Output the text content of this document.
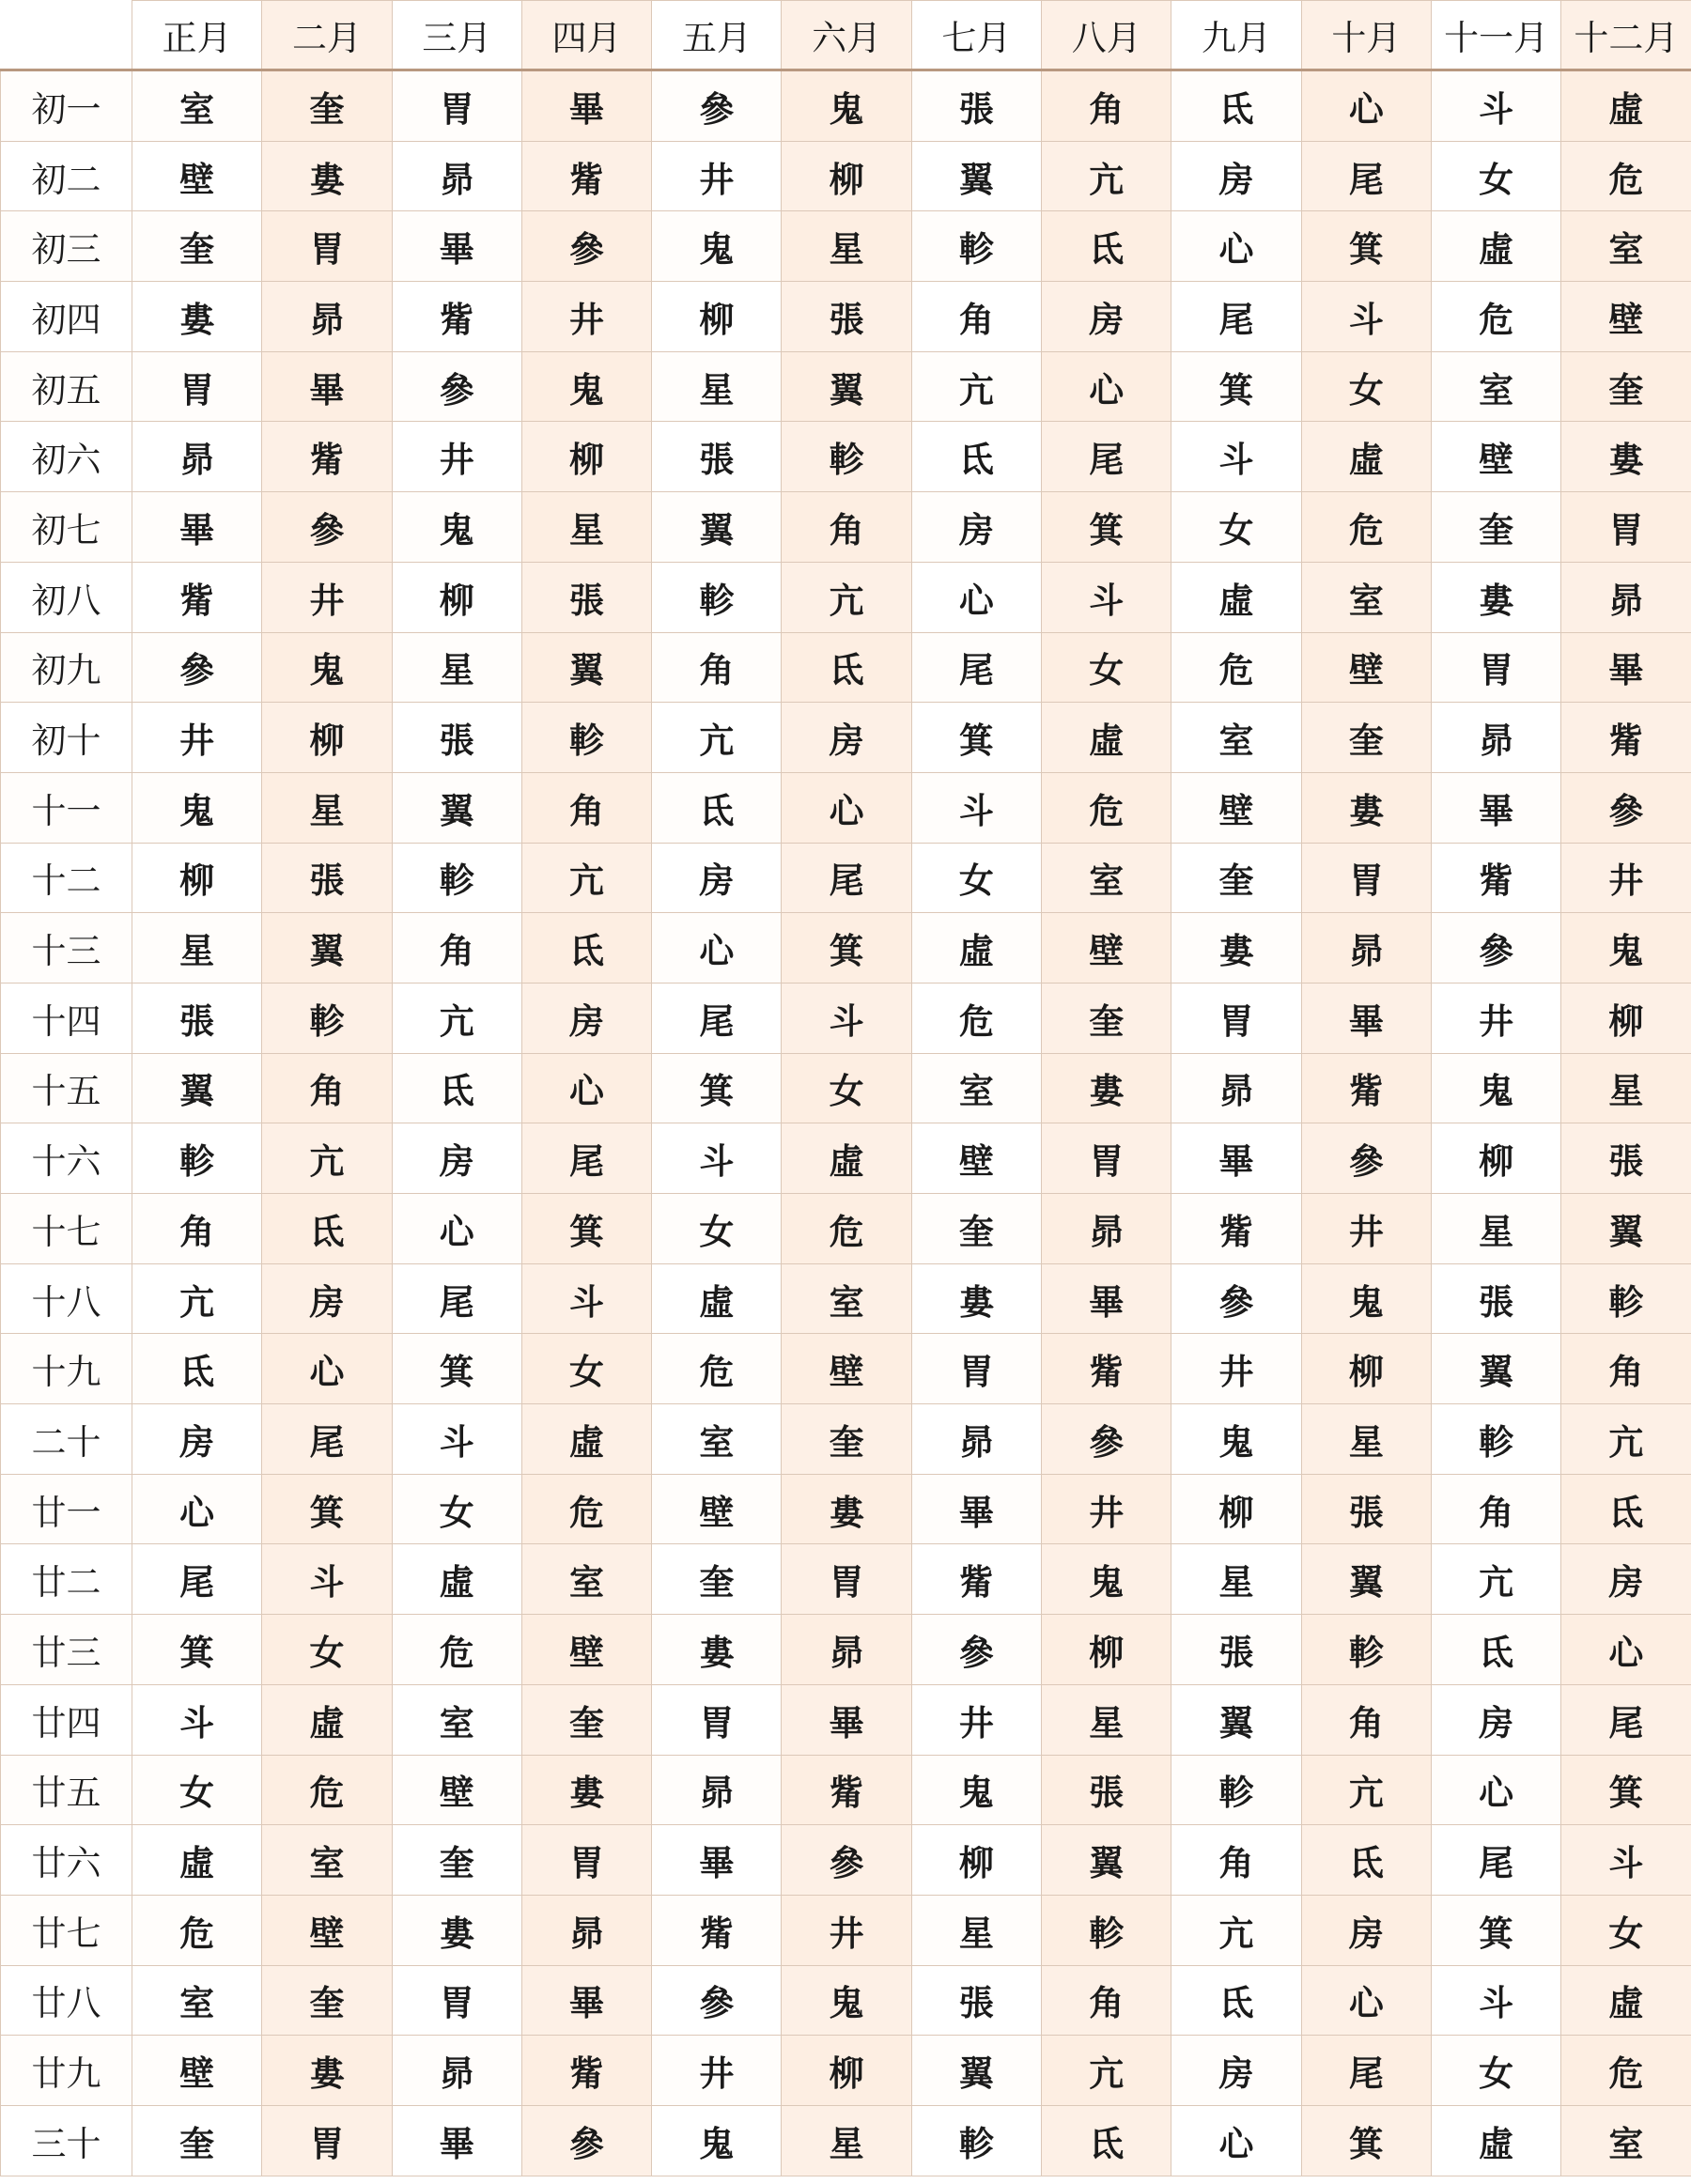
	正月	二月	三月	四月	五月	六月	七月	八月	九月	十月	十一月	十二月
初一	室	奎	胃	畢	參	鬼	張	角	氐	心	斗	虛
初二	壁	婁	昴	觜	井	柳	翼	亢	房	尾	女	危
初三	奎	胃	畢	參	鬼	星	軫	氐	心	箕	虛	室
初四	婁	昴	觜	井	柳	張	角	房	尾	斗	危	壁
初五	胃	畢	參	鬼	星	翼	亢	心	箕	女	室	奎
初六	昴	觜	井	柳	張	軫	氐	尾	斗	虛	壁	婁
初七	畢	參	鬼	星	翼	角	房	箕	女	危	奎	胃
初八	觜	井	柳	張	軫	亢	心	斗	虛	室	婁	昴
初九	參	鬼	星	翼	角	氐	尾	女	危	壁	胃	畢
初十	井	柳	張	軫	亢	房	箕	虛	室	奎	昴	觜
十一	鬼	星	翼	角	氐	心	斗	危	壁	婁	畢	參
十二	柳	張	軫	亢	房	尾	女	室	奎	胃	觜	井
十三	星	翼	角	氐	心	箕	虛	壁	婁	昴	參	鬼
十四	張	軫	亢	房	尾	斗	危	奎	胃	畢	井	柳
十五	翼	角	氐	心	箕	女	室	婁	昴	觜	鬼	星
十六	軫	亢	房	尾	斗	虛	壁	胃	畢	參	柳	張
十七	角	氐	心	箕	女	危	奎	昴	觜	井	星	翼
十八	亢	房	尾	斗	虛	室	婁	畢	參	鬼	張	軫
十九	氐	心	箕	女	危	壁	胃	觜	井	柳	翼	角
二十	房	尾	斗	虛	室	奎	昴	參	鬼	星	軫	亢
廿一	心	箕	女	危	壁	婁	畢	井	柳	張	角	氐
廿二	尾	斗	虛	室	奎	胃	觜	鬼	星	翼	亢	房
廿三	箕	女	危	壁	婁	昴	參	柳	張	軫	氐	心
廿四	斗	虛	室	奎	胃	畢	井	星	翼	角	房	尾
廿五	女	危	壁	婁	昴	觜	鬼	張	軫	亢	心	箕
廿六	虛	室	奎	胃	畢	參	柳	翼	角	氐	尾	斗
廿七	危	壁	婁	昴	觜	井	星	軫	亢	房	箕	女
廿八	室	奎	胃	畢	參	鬼	張	角	氐	心	斗	虛
廿九	壁	婁	昴	觜	井	柳	翼	亢	房	尾	女	危
三十	奎	胃	畢	參	鬼	星	軫	氐	心	箕	虛	室
